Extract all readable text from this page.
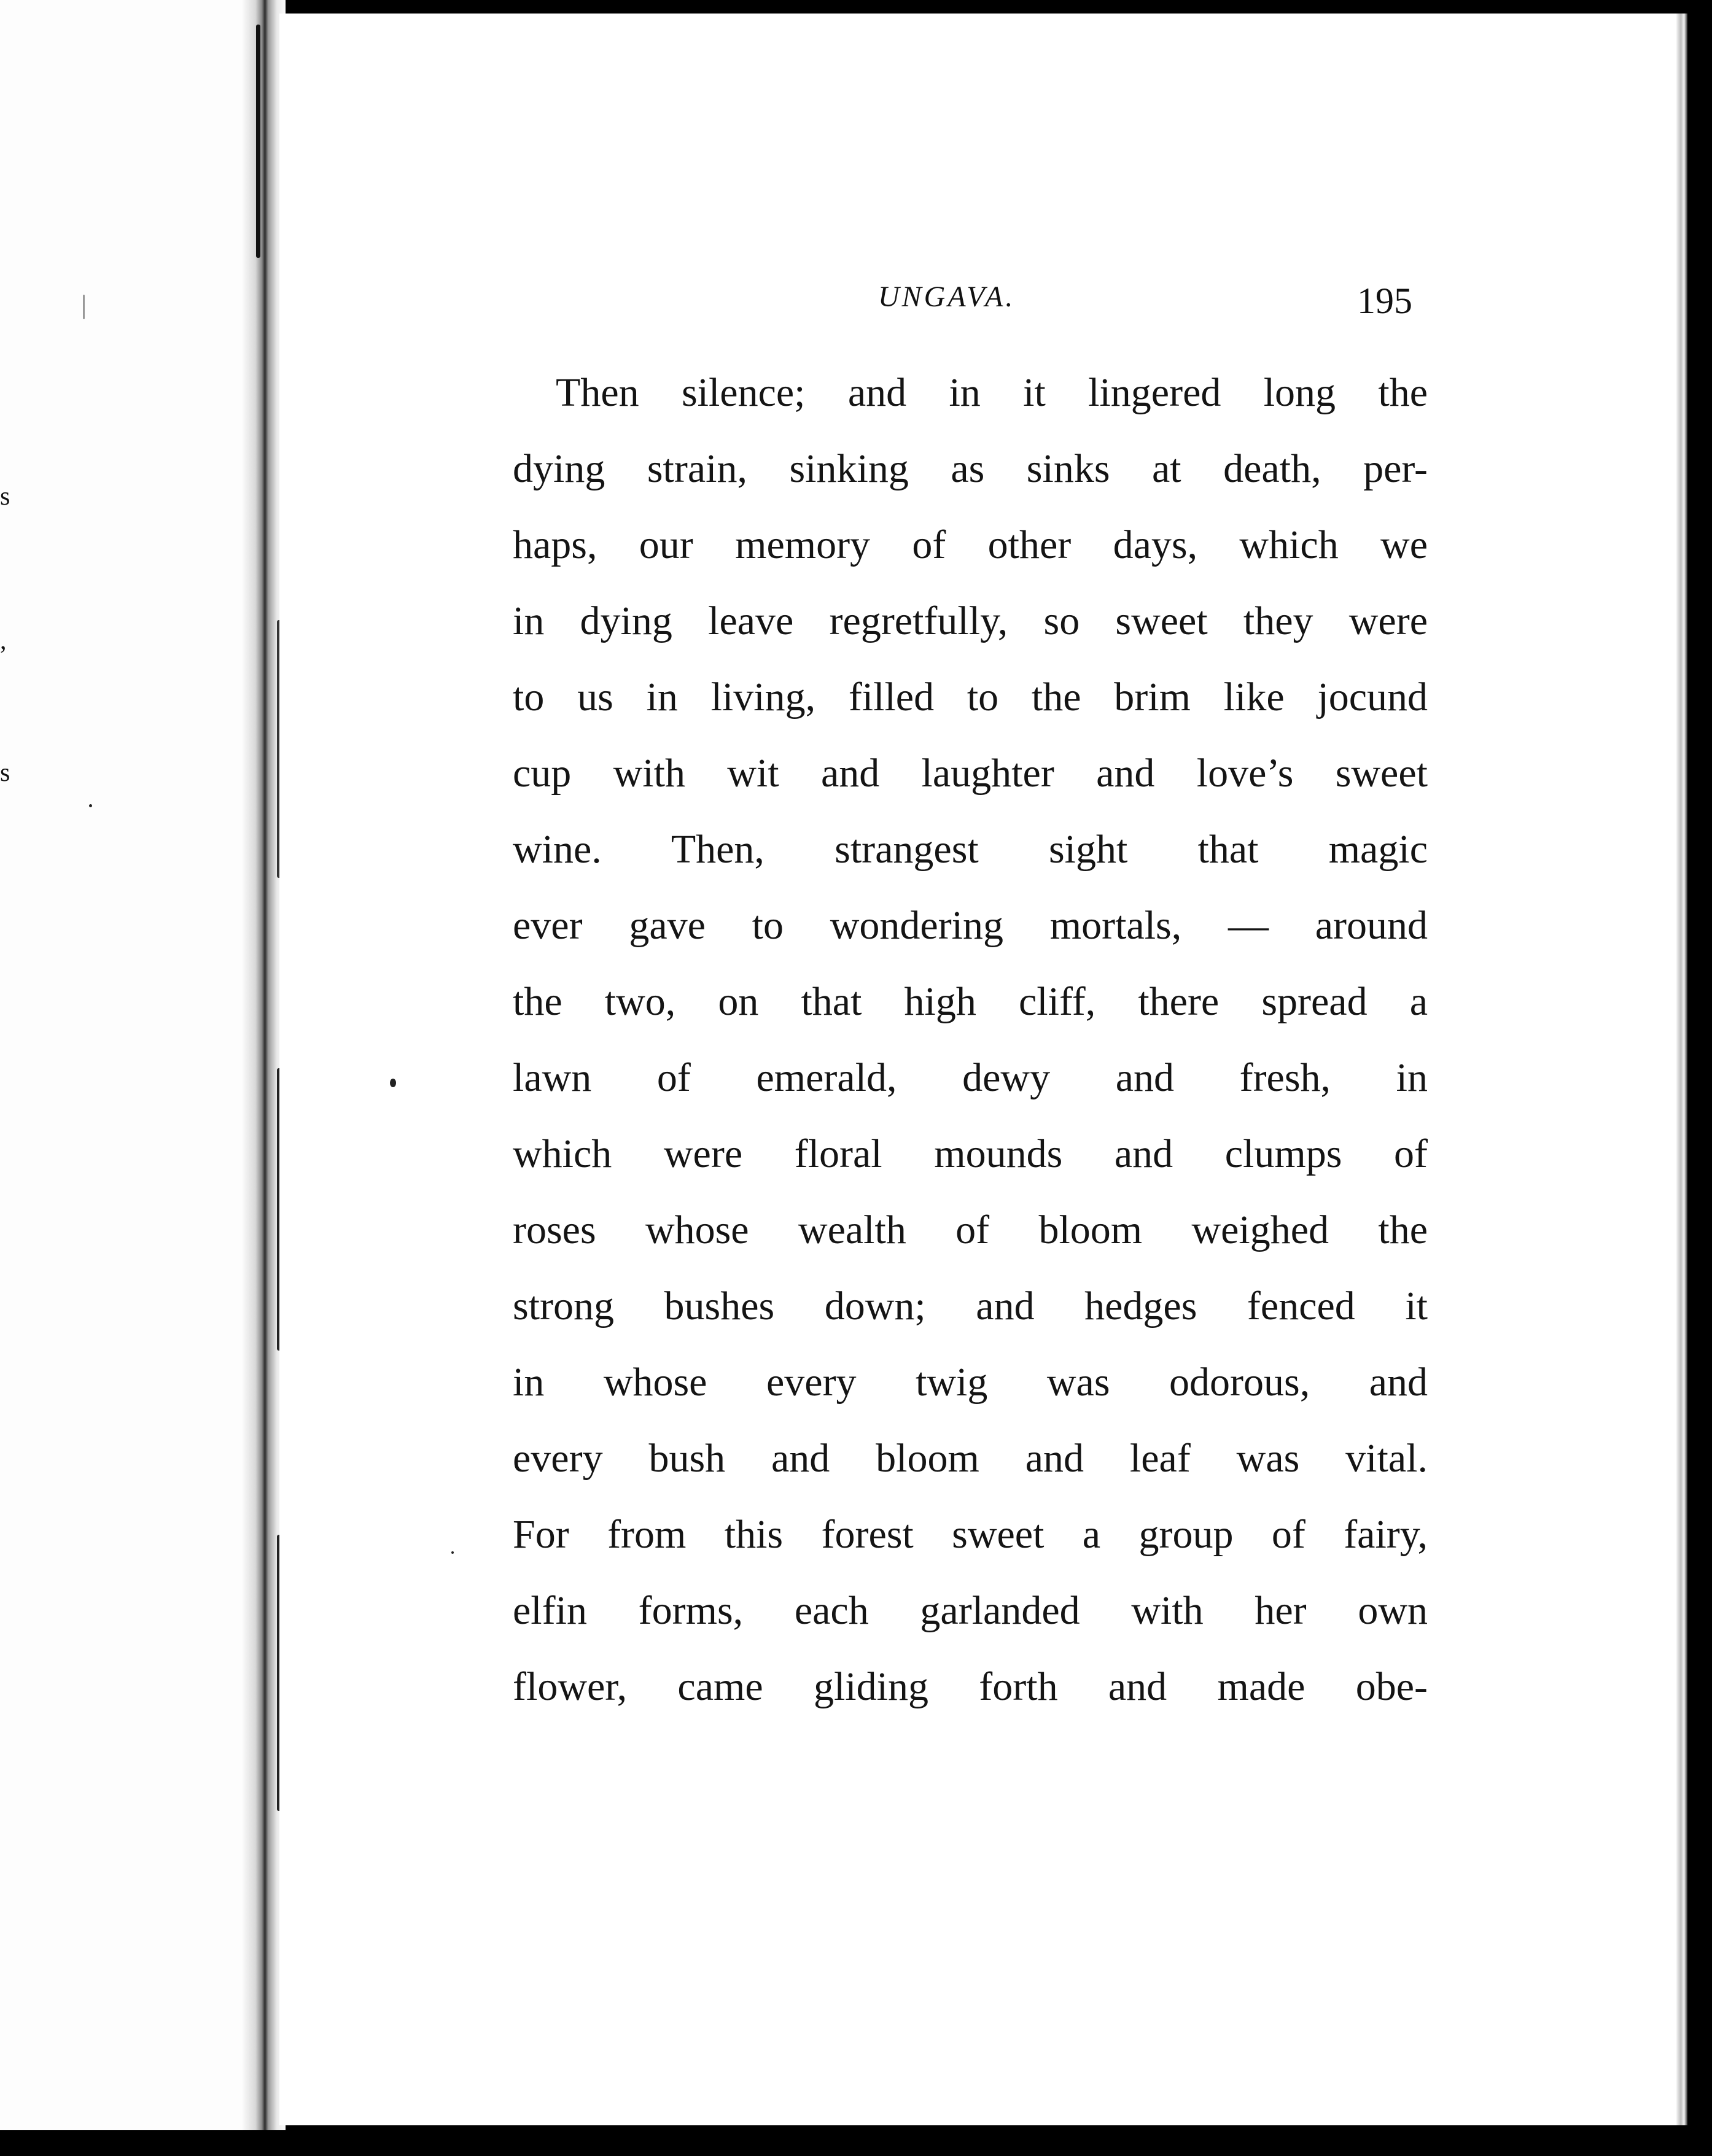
s
,
s
UNGAVA.	195
Then silence; and in it lingered long the
dying strain, sinking as sinks at death, per-
haps, our memory of other days, which we
in dying leave regretfully, so sweet they were
to us in living, filled to the brim like jocund
cup with wit and laughter and love’s sweet
wine. Then, strangest sight that magic
ever gave to wondering mortals, — around
the two, on that high cliff, there spread a
lawn of emerald, dewy and fresh, in
which were floral mounds and clumps of
roses whose wealth of bloom weighed the
strong bushes down; and hedges fenced it
in whose every twig was odorous, and
every bush and bloom and leaf was vital.
For from this forest sweet a group of fairy,
elfin forms, each garlanded with her own
flower, came gliding forth and made obe-
